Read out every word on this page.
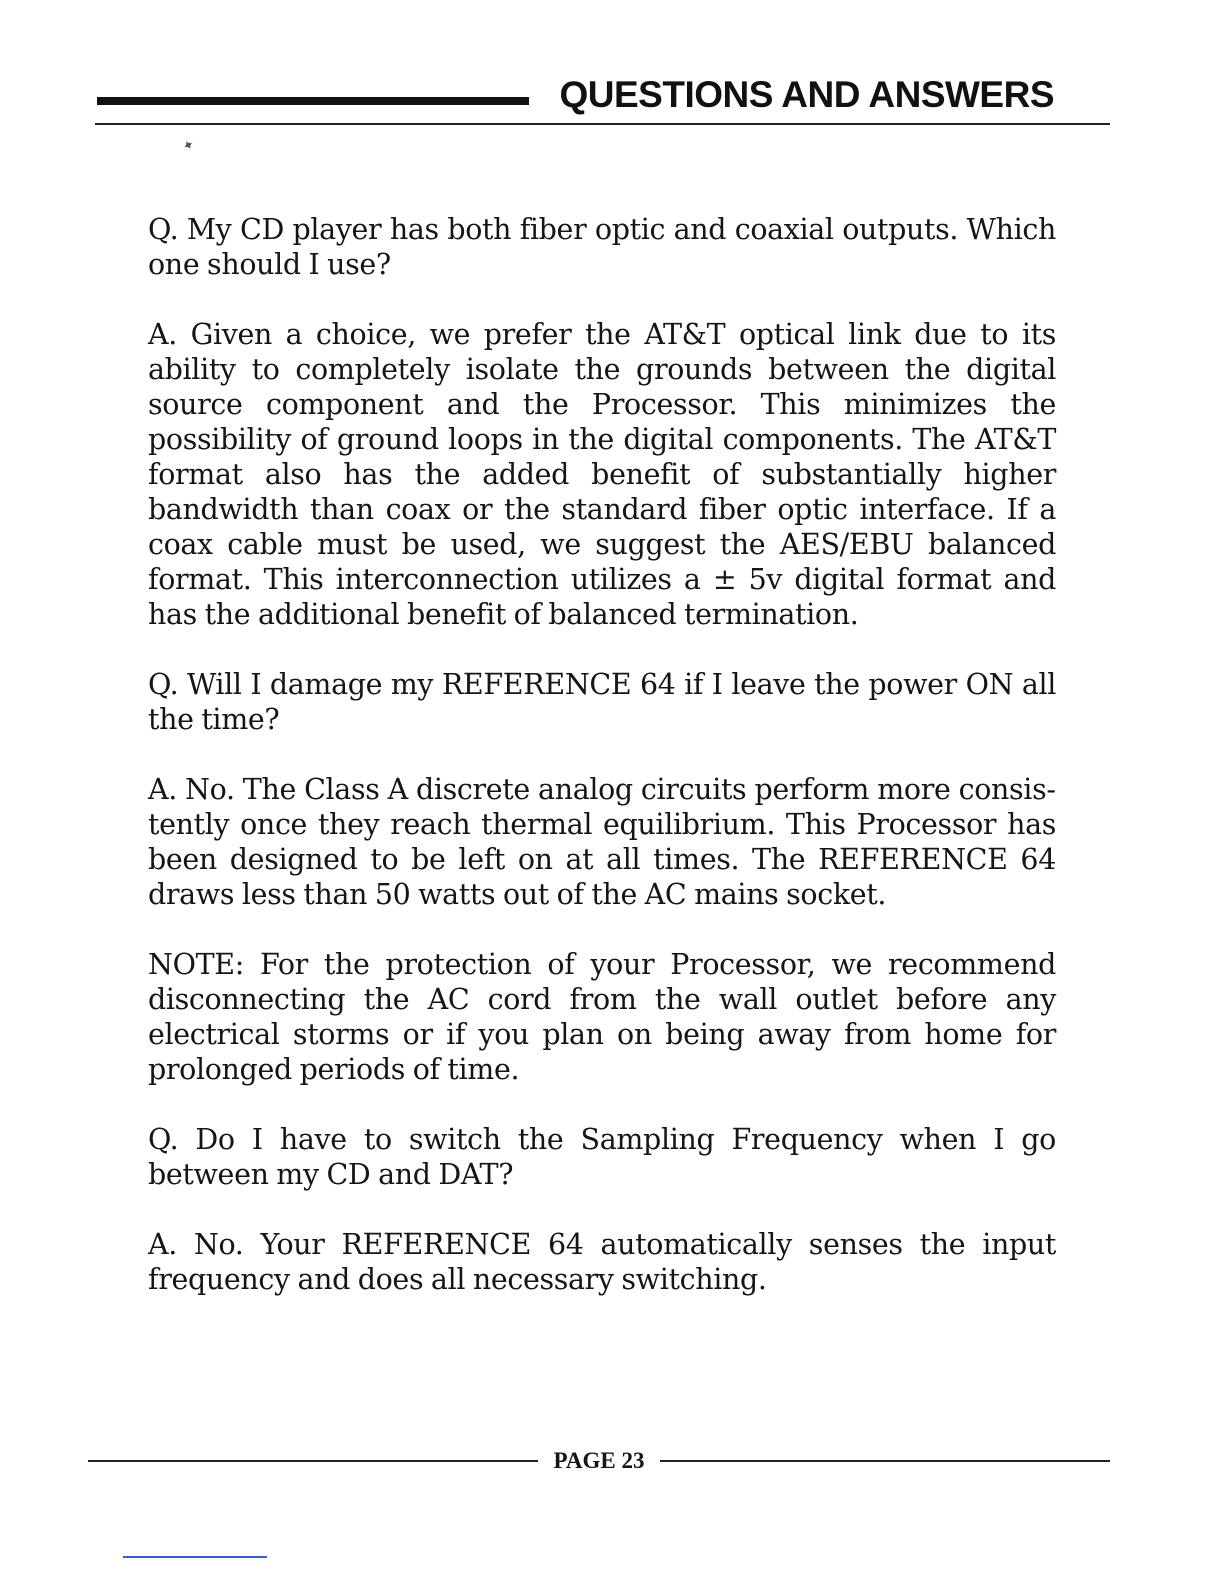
QUESTIONS AND ANSWERS
✦

Q. My CD player has both fiber optic and coaxial outputs. Which one should I use?

A. Given a choice, we prefer the AT&T optical link due to its ability to completely isolate the grounds between the digital source component and the Processor. This minimizes the possibility of ground loops in the digital components. The AT&T format also has the added benefit of substantially higher bandwidth than coax or the standard fiber optic interface. If a coax cable must be used, we suggest the AES/EBU balanced format. This interconnection utilizes a ± 5v digital format and has the additional benefit of balanced termination.

Q. Will I damage my REFERENCE 64 if I leave the power ON all the time?

A. No. The Class A discrete analog circuits perform more consistently once they reach thermal equilibrium. This Processor has been designed to be left on at all times. The REFERENCE 64 draws less than 50 watts out of the AC mains socket.

NOTE: For the protection of your Processor, we recommend disconnecting the AC cord from the wall outlet before any electrical storms or if you plan on being away from home for prolonged periods of time.

Q. Do I have to switch the Sampling Frequency when I go between my CD and DAT?

A. No. Your REFERENCE 64 automatically senses the input frequency and does all necessary switching.

PAGE 23
